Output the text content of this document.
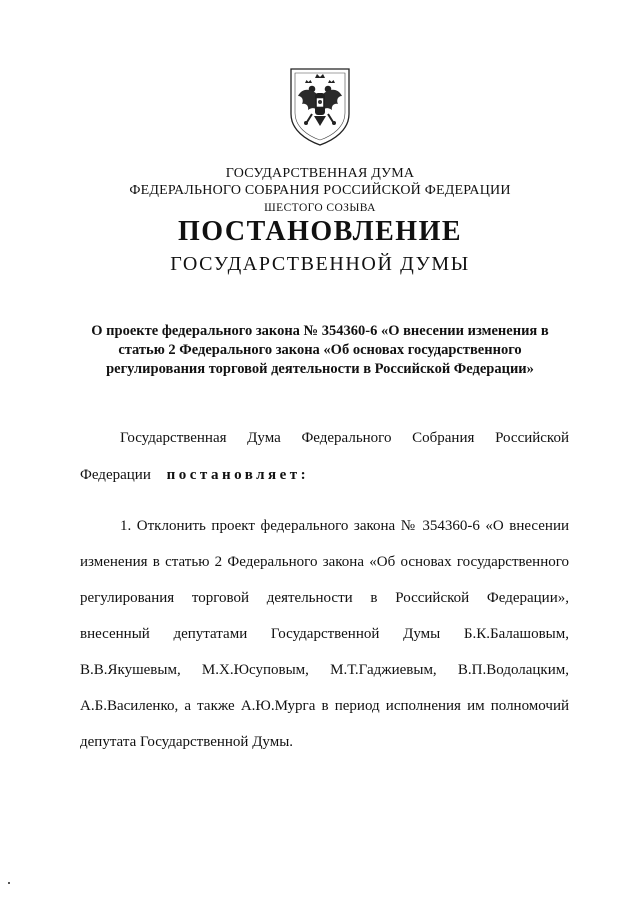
ГОСУДАРСТВЕННАЯ ДУМА
ФЕДЕРАЛЬНОГО СОБРАНИЯ РОССИЙСКОЙ ФЕДЕРАЦИИ
ШЕСТОГО СОЗЫВА
ПОСТАНОВЛЕНИЕ
ГОСУДАРСТВЕННОЙ ДУМЫ
О проекте федерального закона № 354360-6 «О внесении изменения в
статью 2 Федерального закона «Об основах государственного
регулирования торговой деятельности в Российской Федерации»
Государственная Дума Федерального Собрания Российской
Федерации постановляет:
1. Отклонить проект федерального закона № 354360-6 «О внесении
изменения в статью 2 Федерального закона «Об основах государственного
регулирования торговой деятельности в Российской Федерации»,
внесенный депутатами Государственной Думы Б.К.Балашовым,
В.В.Якушевым, М.Х.Юсуповым, М.Т.Гаджиевым, В.П.Водолацким,
А.Б.Василенко, а также А.Ю.Мурга в период исполнения им полномочий
депутата Государственной Думы.
